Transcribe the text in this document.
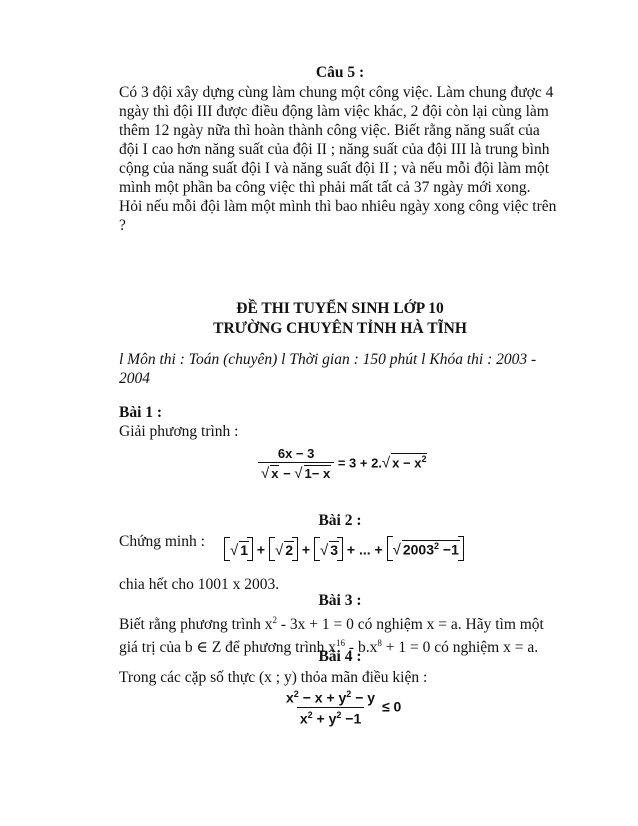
Câu 5 :
Có 3 đội xây dựng cùng làm chung một công việc. Làm chung được 4
ngày thì đội III được điều động làm việc khác, 2 đội còn lại cùng làm
thêm 12 ngày nữa thì hoàn thành công việc. Biết rằng năng suất của
đội I cao hơn năng suất của đội II ; năng suất của đội III là trung bình
cộng của năng suất đội I và năng suất đội II ; và nếu mỗi đội làm một
mình một phần ba công việc thì phải mất tất cả 37 ngày mới xong.
Hỏi nếu mỗi đội làm một mình thì bao nhiêu ngày xong công việc trên
?
ĐỀ THI TUYỂN SINH LỚP 10
TRƯỜNG CHUYÊN TỈNH HÀ TĨNH
l Môn thi : Toán (chuyên) l Thời gian : 150 phút l Khóa thi : 2003 -
2004
Bài 1 :
Giải phương trình :
$\frac{6x - 3}{√ x - √ 1- x} = 3 + 2.√$ $x - x^2$
Bài 2 :
Chứng minh :
√ 1 + √ 2 + √ 3 + ... + √ $2003^2 -1$
chia hết cho 1001 x 2003.
Bài 3 :
Biết rằng phương trình $x^2 - 3x + 1 = 0$ có nghiệm x = a. Hãy tìm một
giá trị của b ∈ Z để phương trình $x^{16} - b.x^8 + 1 = 0$ có nghiệm x = a.
Bài 4 :
Trong các cặp số thực (x ; y) thỏa mãn điều kiện :
$\frac{x^2 - x + y^2 - y}{x^2 + y^2 -1} \le 0$
